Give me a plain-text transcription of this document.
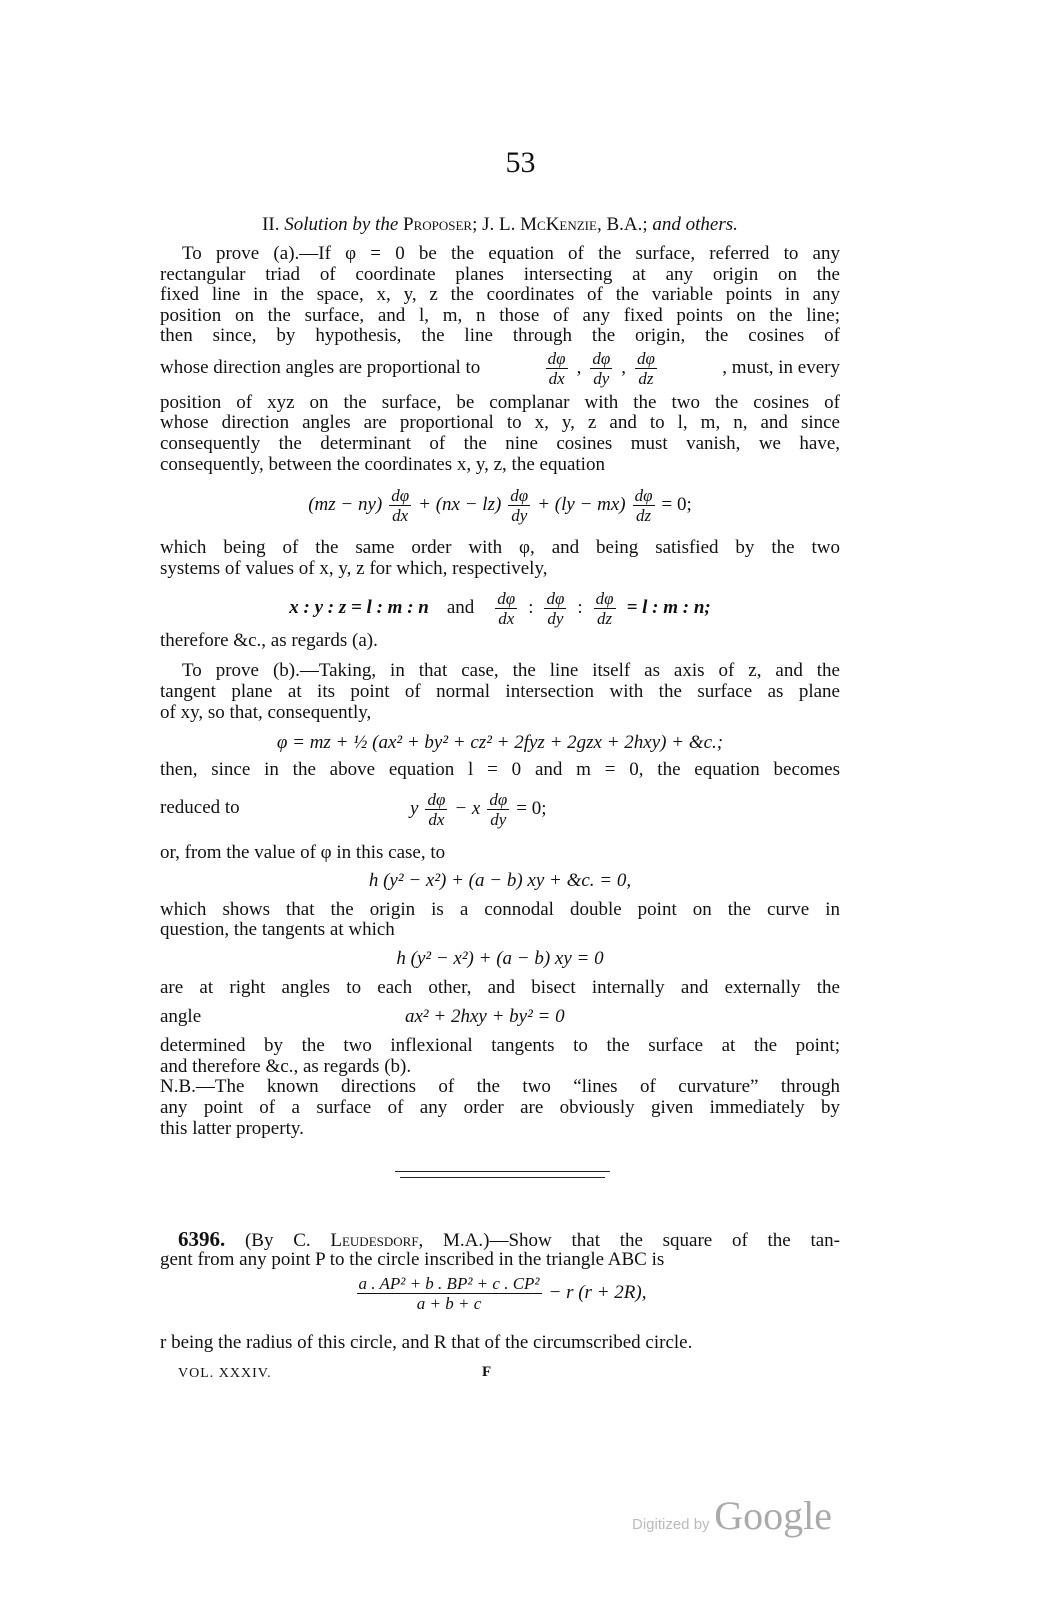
53
II. Solution by the Proposer; J. L. McKenzie, B.A.; and others.
To prove (a).—If φ = 0 be the equation of the surface, referred to any
rectangular triad of coordinate planes intersecting at any origin on the
fixed line in the space, x, y, z the coordinates of the variable points in any
position on the surface, and l, m, n those of any fixed points on the line;
then since, by hypothesis, the line through the origin, the cosines of
whose direction angles are proportional to	$\frac{d\varphi}{dx}$ , $\frac{d\varphi}{dy}$ , $\frac{d\varphi}{dz}$	, must, in every
position of xyz on the surface, be complanar with the two the cosines of
whose direction angles are proportional to x, y, z and to l, m, n, and since
consequently the determinant of the nine cosines must vanish, we have,
consequently, between the coordinates x, y, z, the equation
$(mz - ny) \frac{d\varphi}{dx} + (nx - lz) \frac{d\varphi}{dy} + (ly - mx) \frac{d\varphi}{dz} = 0$;
which being of the same order with φ, and being satisfied by the two
systems of values of x, y, z for which, respectively,
x : y : z = l : m : n and $\frac{d\varphi}{dx}$ : $\frac{d\varphi}{dy}$ : $\frac{d\varphi}{dz} = l$ : m : n;
therefore &c., as regards (a).
To prove (b).—Taking, in that case, the line itself as axis of z, and the
tangent plane at its point of normal intersection with the surface as plane
of xy, so that, consequently,
φ = mz + ½ (ax² + by² + cz² + 2fyz + 2gzx + 2hxy) + &c.;
then, since in the above equation l = 0 and m = 0, the equation becomes
reduced to	y $\frac{d\varphi}{dx} - x \frac{d\varphi}{dy} = 0$;
or, from the value of φ in this case, to
h (y² − x²) + (a − b) xy + &c. = 0,
which shows that the origin is a connodal double point on the curve in
question, the tangents at which
h (y² − x²) + (a − b) xy = 0
are at right angles to each other, and bisect internally and externally the
angle	ax² + 2hxy + by² = 0
determined by the two inflexional tangents to the surface at the point;
and therefore &c., as regards (b).
N.B.—The known directions of the two “lines of curvature” through
any point of a surface of any order are obviously given immediately by
this latter property.
6396. (By C. Leudesdorf, M.A.)—Show that the square of the tan-
gent from any point P to the circle inscribed in the triangle ABC is
$\frac{\text{a . AP² + b . BP² + c . CP²}}{a + b + c} - r$ (r + 2R),
r being the radius of this circle, and R that of the circumscribed circle.
VOL. XXXIV.	F
Digitized by Google
